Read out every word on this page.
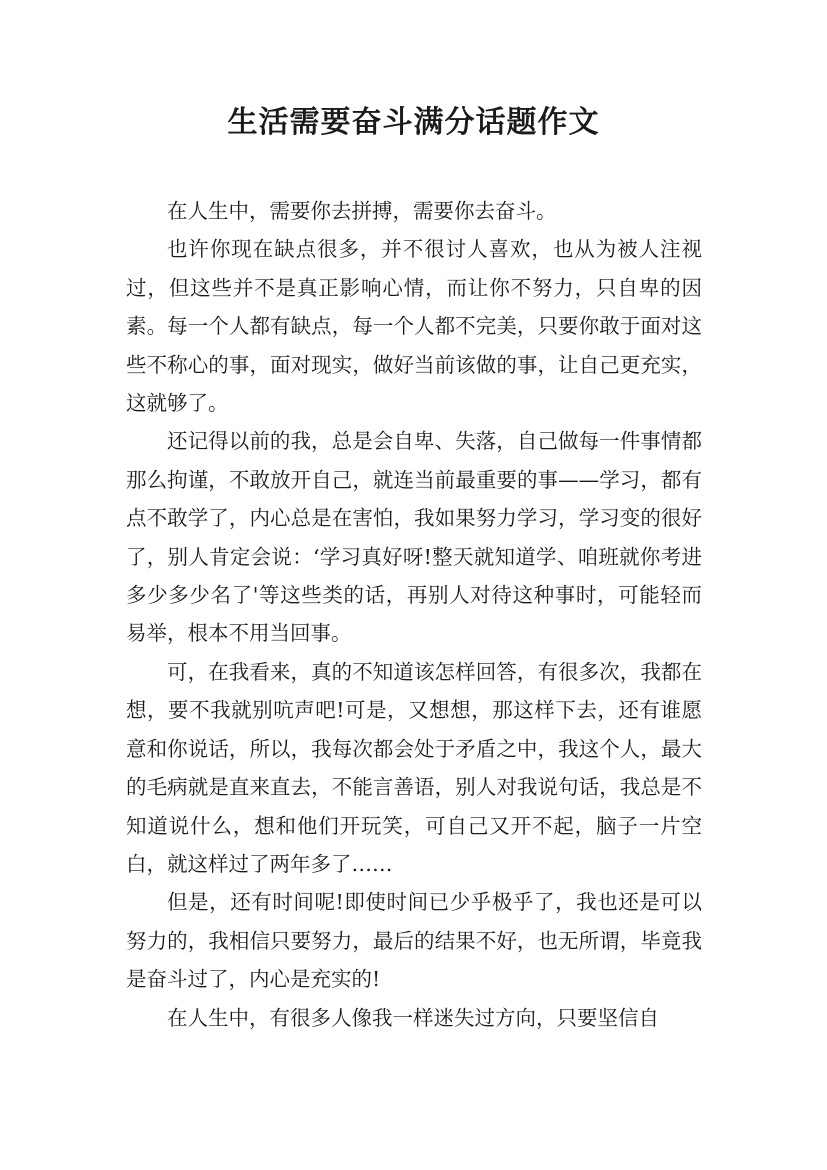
生活需要奋斗满分话题作文

在人生中，需要你去拼搏，需要你去奋斗。

也许你现在缺点很多，并不很讨人喜欢，也从为被人注视过，但这些并不是真正影响心情，而让你不努力，只自卑的因素。每一个人都有缺点，每一个人都不完美，只要你敢于面对这些不称心的事，面对现实，做好当前该做的事，让自己更充实，这就够了。

还记得以前的我，总是会自卑、失落，自己做每一件事情都那么拘谨，不敢放开自己，就连当前最重要的事——学习，都有点不敢学了，内心总是在害怕，我如果努力学习，学习变的很好了，别人肯定会说：‘学习真好呀!整天就知道学、咱班就你考进多少多少名了'等这些类的话，再别人对待这种事时，可能轻而易举，根本不用当回事。

可，在我看来，真的不知道该怎样回答，有很多次，我都在想，要不我就别吭声吧!可是，又想想，那这样下去，还有谁愿意和你说话，所以，我每次都会处于矛盾之中，我这个人，最大的毛病就是直来直去，不能言善语，别人对我说句话，我总是不知道说什么，想和他们开玩笑，可自己又开不起，脑子一片空白，就这样过了两年多了……

但是，还有时间呢!即使时间已少乎极乎了，我也还是可以努力的，我相信只要努力，最后的结果不好，也无所谓，毕竟我是奋斗过了，内心是充实的!

在人生中，有很多人像我一样迷失过方向，只要坚信自
